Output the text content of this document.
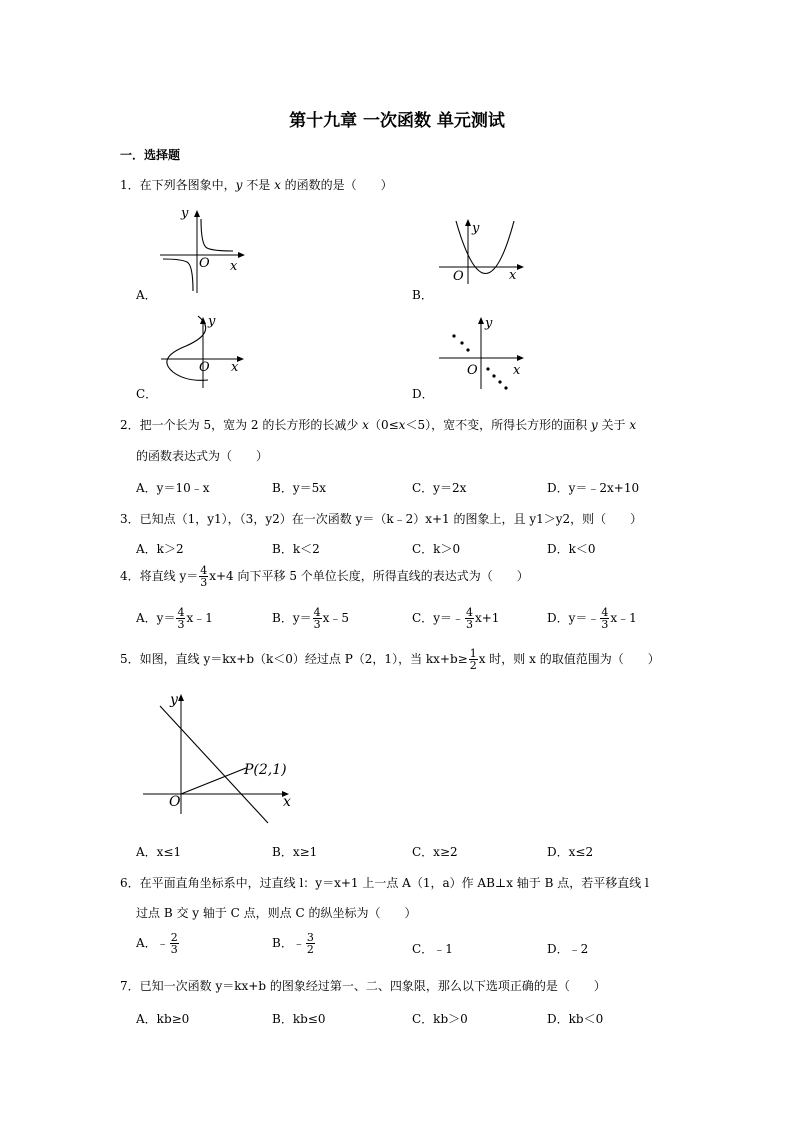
第十九章 一次函数 单元测试
一．选择题
1．在下列各图象中，y 不是 x 的函数的是（　　）
y
x
O
A．
y
x
O
B．
y
x
O
C．
y
x
O
D．
2．把一个长为 5，宽为 2 的长方形的长减少 x（0≤x＜5），宽不变，所得长方形的面积 y 关于 x
的函数表达式为（　　）
A．y＝10﹣x	B．y＝5x	C．y＝2x	D．y＝﹣2x+10
3．已知点（1，y1），（3，y2）在一次函数 y＝（k﹣2）x+1 的图象上，且 y1＞y2，则（　　）
A．k＞2	B．k＜2	C．k＞0	D．k＜0
4．将直线 $y= \frac{4}{3} x+4$ 向下平移 5 个单位长度，所得直线的表达式为（　　）
A．$y= \frac{4}{3}$ x﹣1	B．$y= \frac{4}{3}$ x﹣5	C．y＝﹣ $\frac{4}{3} x+1$	D．y＝﹣ $\frac{4}{3}$ x﹣1
5．如图，直线 y＝kx+b（k＜0）经过点 P（2，1），当 $kx+b\ge \frac{1}{2}$ x 时，则 x 的取值范围为（　　）
y
x
O
P(2,1)
A．x≤1	B．x≥1	C．x≥2	D．x≤2
6．在平面直角坐标系中，过直线 l：y＝x+1 上一点 A（1，a）作 AB⊥x 轴于 B 点，若平移直线 l
过点 B 交 y 轴于 C 点，则点 C 的纵坐标为（　　）
A．﹣ $\frac{2}{3}$	B．﹣ $\frac{3}{2}$	C．﹣1	D．﹣2
7．已知一次函数 y＝kx+b 的图象经过第一、二、四象限，那么以下选项正确的是（　　）
A．kb≥0	B．kb≤0	C．kb＞0	D．kb＜0
